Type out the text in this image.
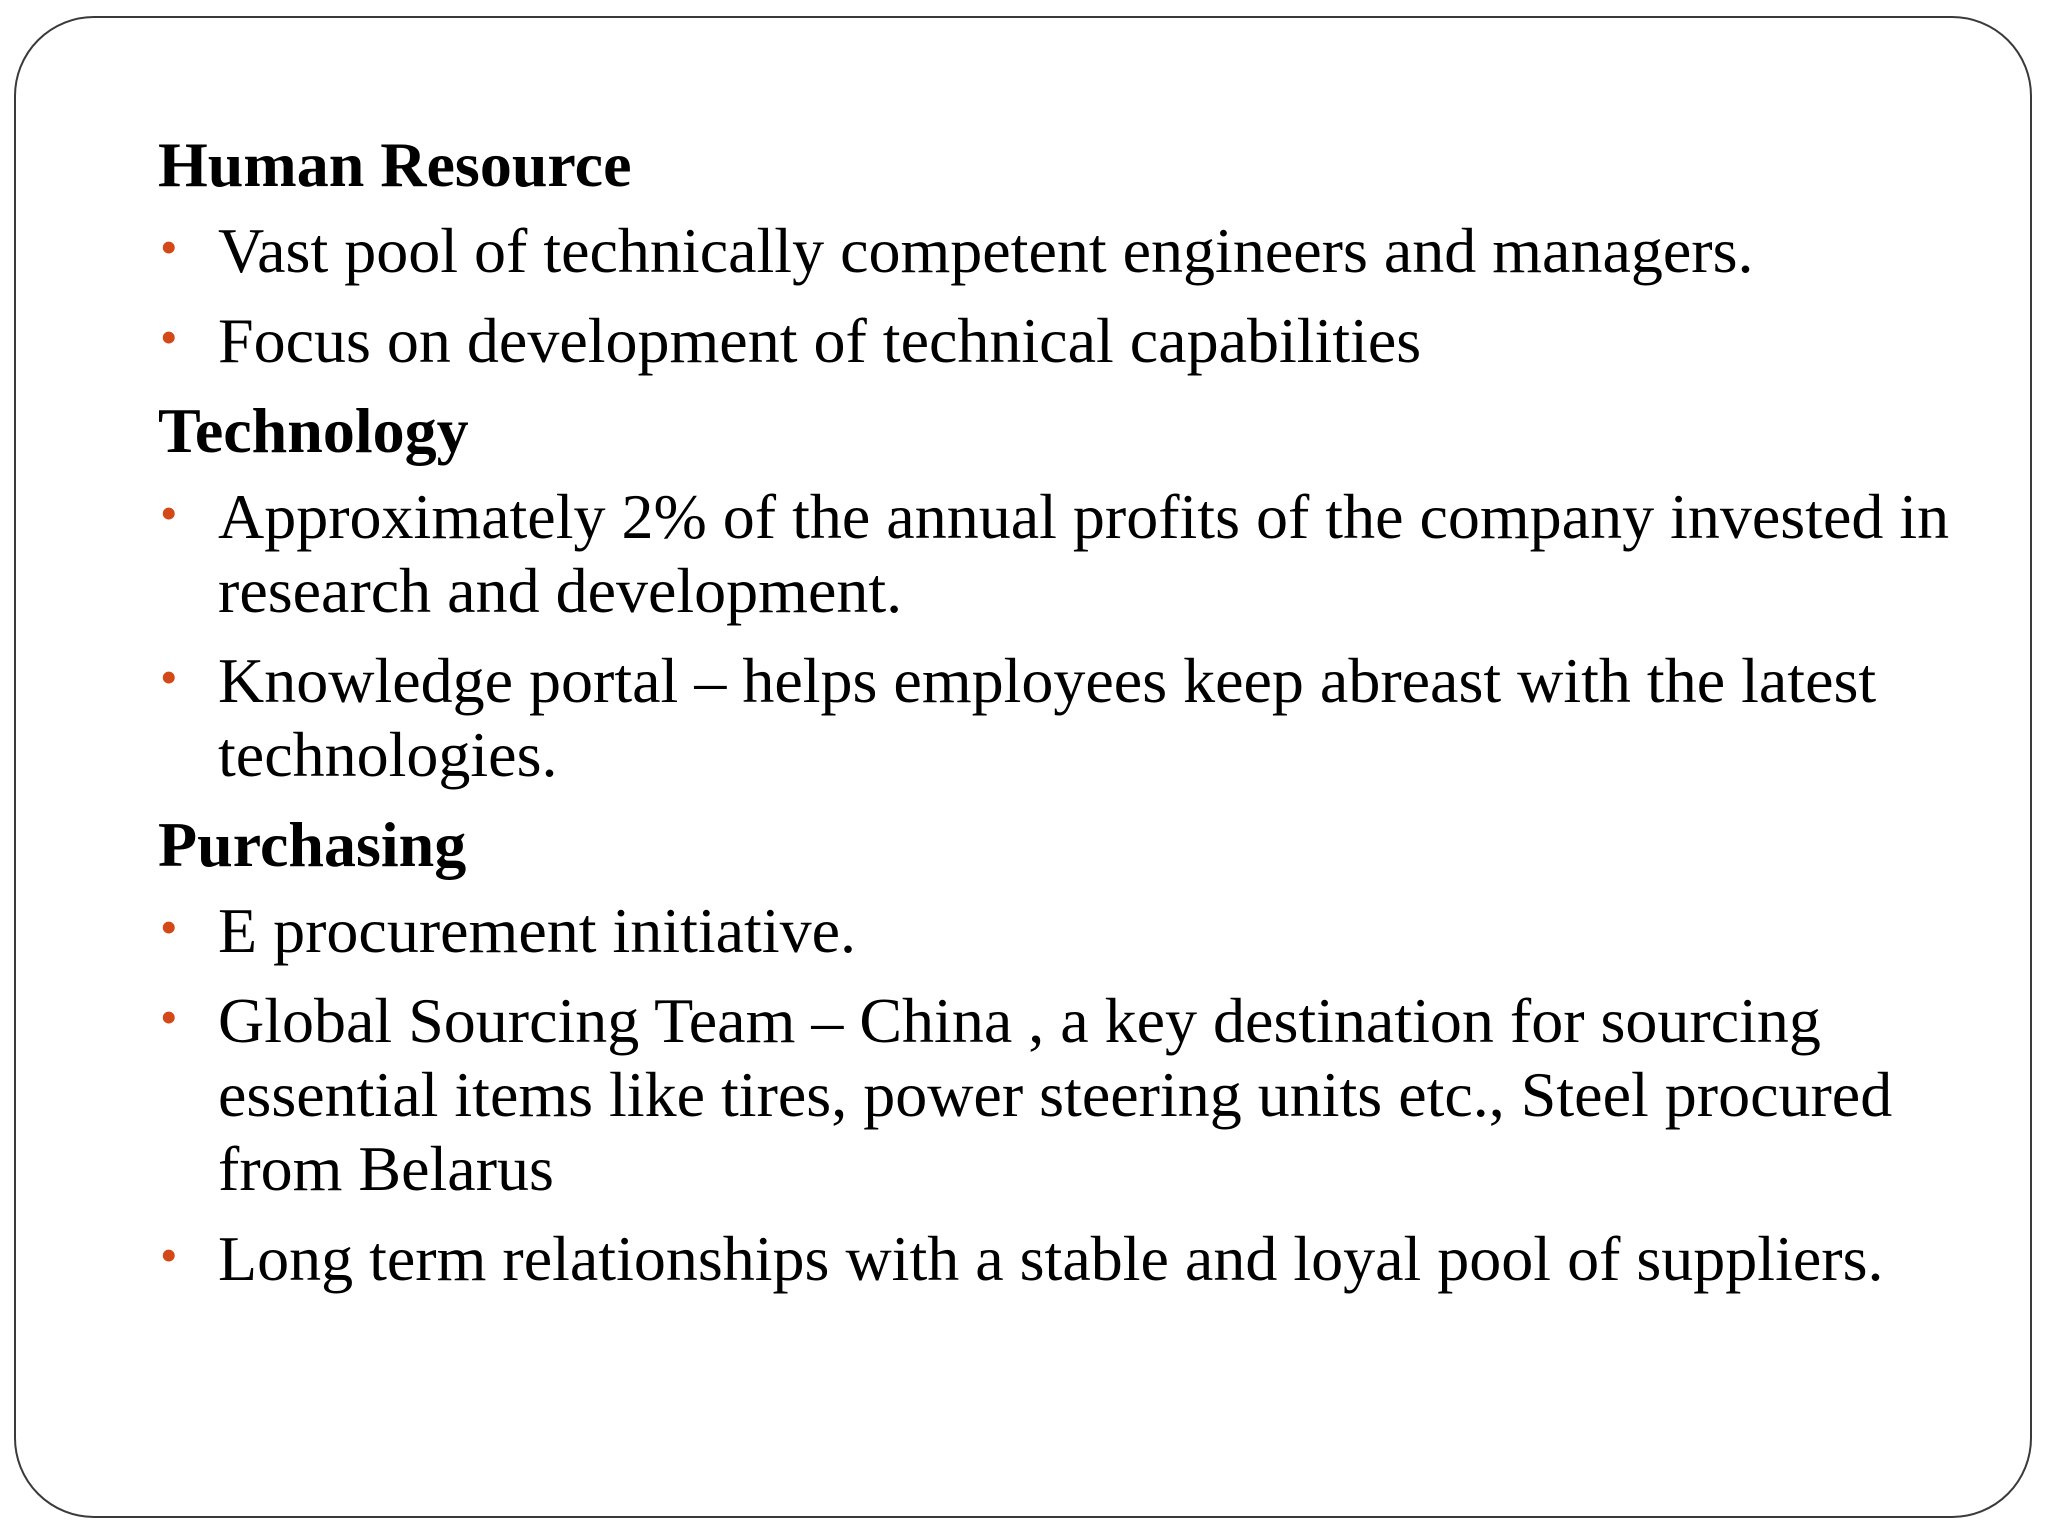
Human Resource
• Vast pool of technically competent engineers and managers.
• Focus on development of technical capabilities
Technology
• Approximately 2% of the annual profits of the company invested in research and development.
• Knowledge portal – helps employees keep abreast with the latest technologies.
Purchasing
• E procurement initiative.
• Global Sourcing Team – China , a key destination for sourcing essential items like tires, power steering units etc., Steel procured from Belarus
• Long term relationships with a stable and loyal pool of suppliers.
